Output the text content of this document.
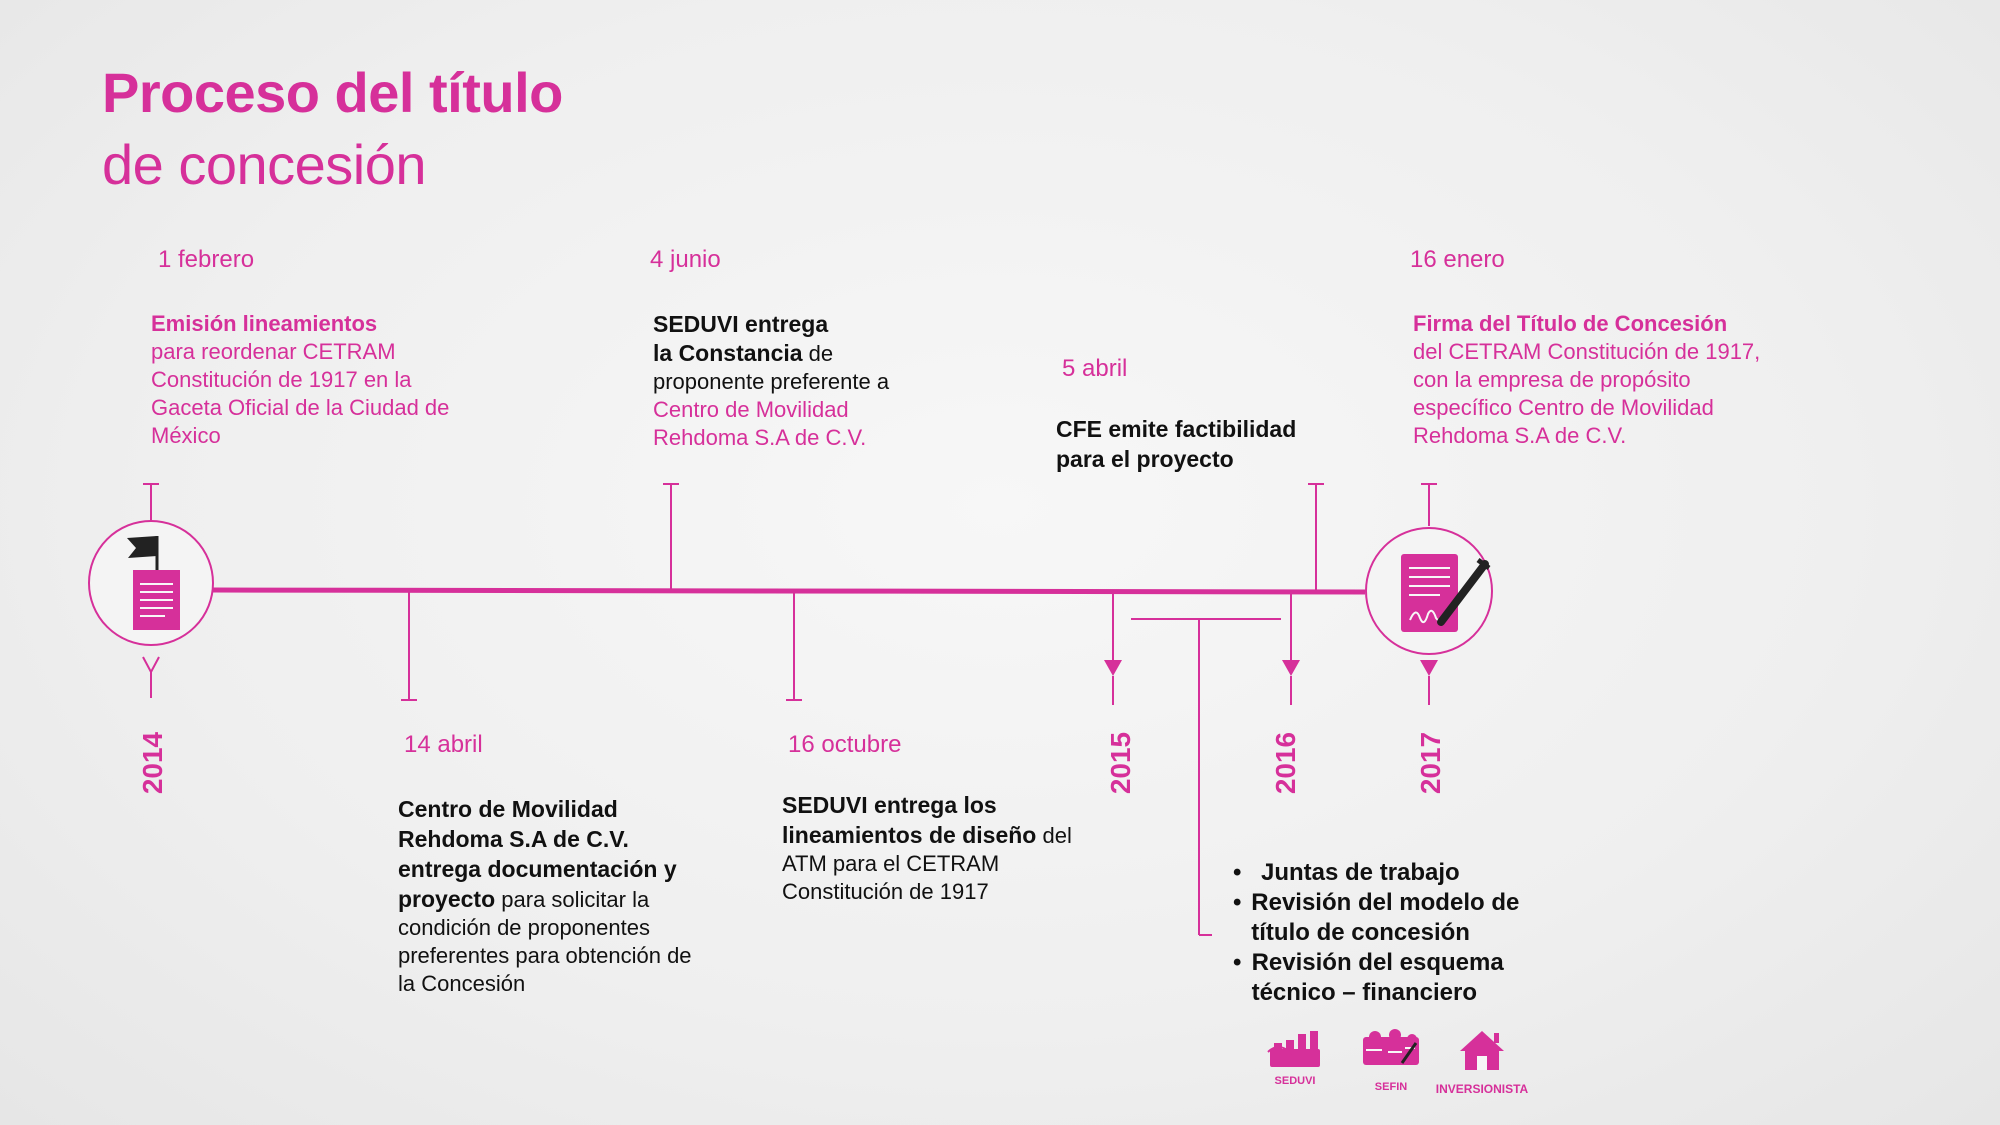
Proceso del título
de concesión
1 febrero
Emisión lineamientos
para reordenar CETRAM Constitución de 1917 en la Gaceta Oficial de la Ciudad de México
14 abril
Centro de Movilidad Rehdoma S.A de C.V. entrega documentación y proyecto para solicitar la condición de proponentes preferentes para obtención de la Concesión
4 junio
SEDUVI entrega
la Constancia de proponente preferente a Centro de Movilidad Rehdoma S.A de C.V.
16 octubre
SEDUVI entrega los lineamientos de diseño del ATM para el CETRAM Constitución de 1917
5 abril
CFE emite factibilidad para el proyecto
16 enero
Firma del Título de Concesión
del CETRAM Constitución de 1917, con la empresa de propósito específico Centro de Movilidad Rehdoma S.A de C.V.
2014	2015	2016	2017
• Juntas de trabajo
• Revisión del modelo de título de concesión
• Revisión del esquema técnico – financiero
SEDUVI	SEFIN	INVERSIONISTA
